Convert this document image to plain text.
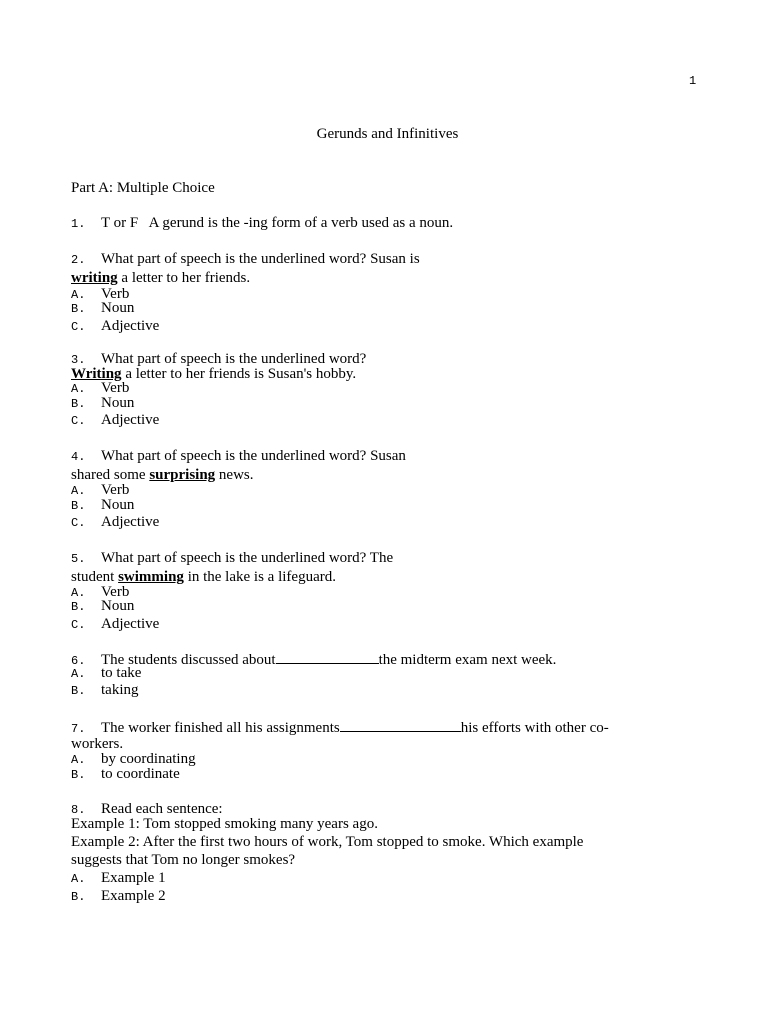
1
Gerunds and Infinitives
Part A: Multiple Choice
1. T or F   A gerund is the -ing form of a verb used as a noun.
2. What part of speech is the underlined word? Susan is
writing a letter to her friends.
A. Verb
B. Noun
C. Adjective
3. What part of speech is the underlined word?
Writing a letter to her friends is Susan's hobby.
A. Verb
B. Noun
C. Adjective
4. What part of speech is the underlined word? Susan
shared some surprising news.
A. Verb
B. Noun
C. Adjective
5. What part of speech is the underlined word? The
student swimming in the lake is a lifeguard.
A. Verb
B. Noun
C. Adjective
6. The students discussed about	the midterm exam next week.
A. to take
B. taking
7. The worker finished all his assignments	his efforts with other co-
workers.
A. by coordinating
B. to coordinate
8. Read each sentence:
Example 1: Tom stopped smoking many years ago.
Example 2: After the first two hours of work, Tom stopped to smoke. Which example
suggests that Tom no longer smokes?
A. Example 1
B. Example 2
